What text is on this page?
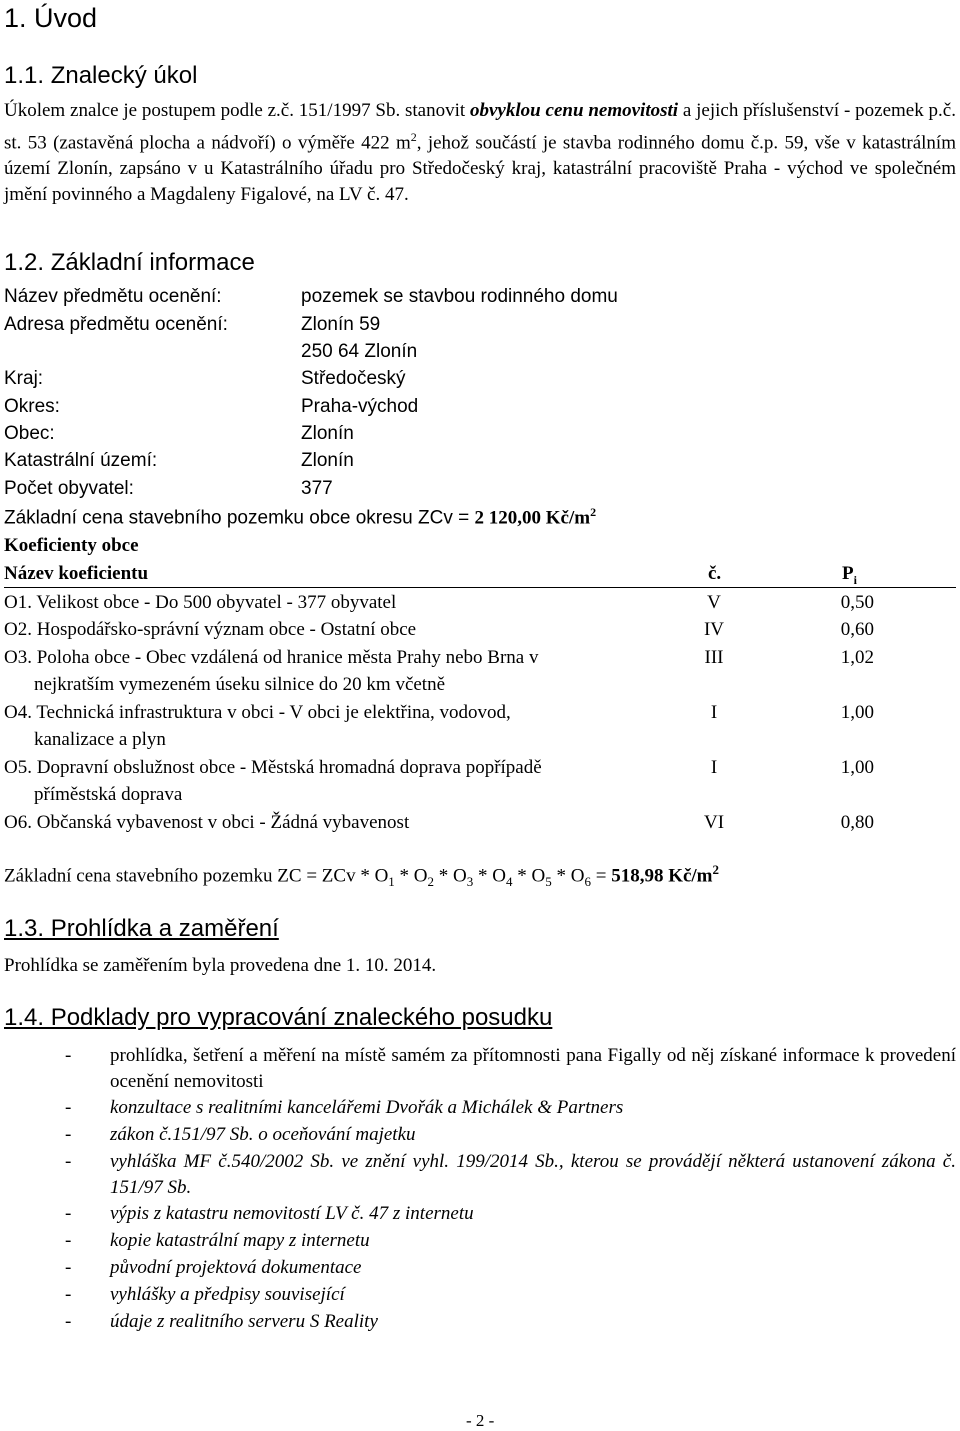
1. Úvod
1.1. Znalecký úkol
Úkolem znalce je postupem podle z.č. 151/1997 Sb. stanovit obvyklou cenu nemovitosti a jejich příslušenství - pozemek p.č. st. 53 (zastavěná plocha a nádvoří) o výměře 422 $m^2$, jehož součástí je stavba rodinného domu č.p. 59, vše v katastrálním území Zlonín, zapsáno v u Katastrálního úřadu pro Středočeský kraj, katastrální pracoviště Praha - východ ve společném jmění povinného a Magdaleny Figalové, na LV č. 47.
1.2. Základní informace
Název předmětu ocenění:	pozemek se stavbou rodinného domu
Adresa předmětu ocenění:	Zlonín 59
250 64 Zlonín
Kraj:	Středočeský
Okres:	Praha-východ
Obec:	Zlonín
Katastrální území:	Zlonín
Počet obyvatel:	377
Základní cena stavebního pozemku obce okresu ZCv = 2 120,00 $Kč/m^2$
Koeficienty obce
Název koeficientu	č.	$P_i$
O1. Velikost obce - Do 500 obyvatel - 377 obyvatel	V	0,50
O2. Hospodářsko-správní význam obce - Ostatní obce	IV	0,60
O3. Poloha obce - Obec vzdálená od hranice města Prahy nebo Brna v
nejkratším vymezeném úseku silnice do 20 km včetně
III	1,02
O4. Technická infrastruktura v obci - V obci je elektřina, vodovod,
kanalizace a plyn
I	1,00
O5. Dopravní obslužnost obce - Městská hromadná doprava popřípadě
příměstská doprava
I	1,00
O6. Občanská vybavenost v obci - Žádná vybavenost	VI	0,80
Základní cena stavebního pozemku ZC = ZCv * $O_1 * O_2 * O_3 * O_4 * O_5 * O_6 = 518,98$ $Kč/m^2$
1.3. Prohlídka a zaměření
Prohlídka se zaměřením byla provedena dne 1. 10. 2014.
1.4. Podklady pro vypracování znaleckého posudku
- prohlídka, šetření a měření na místě samém za přítomnosti pana Figally od něj získané informace k provedení ocenění nemovitosti
- konzultace s realitními kancelářemi Dvořák a Michálek & Partners
- zákon č.151/97 Sb. o oceňování majetku
- vyhláška MF č.540/2002 Sb. ve znění vyhl. 199/2014 Sb., kterou se provádějí některá ustanovení zákona č. 151/97 Sb.
- výpis z katastru nemovitostí LV č. 47 z internetu
- kopie katastrální mapy z internetu
- původní projektová dokumentace
- vyhlášky a předpisy související
- údaje z realitního serveru S Reality
- 2 -
